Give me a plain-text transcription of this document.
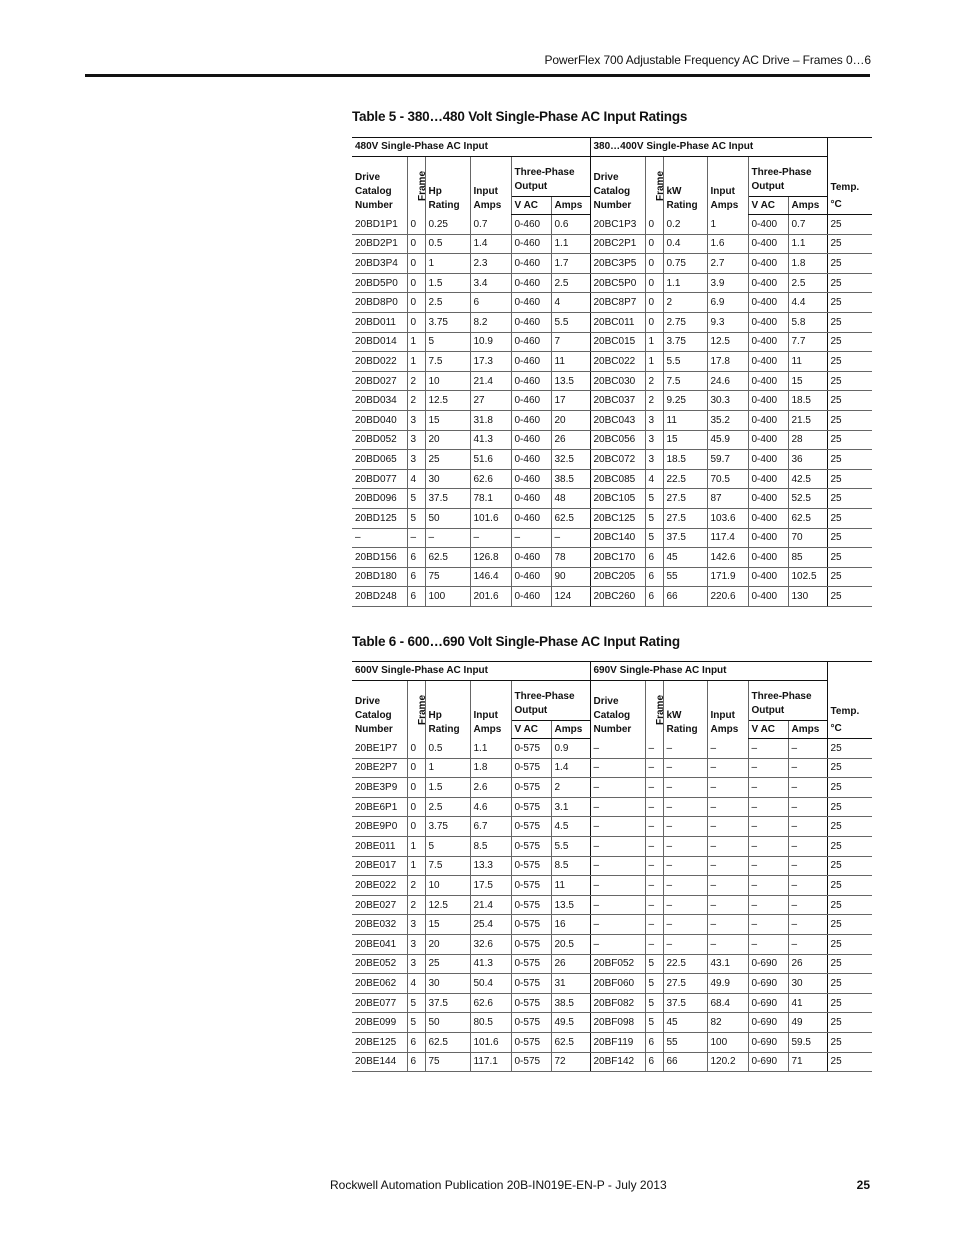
PowerFlex 700 Adjustable Frequency AC Drive – Frames 0…6
Table 5 - 380…480 Volt Single-Phase AC Input Ratings
480V Single-Phase AC Input						380…400V Single-Phase AC Input						
Drive Catalog Number	Frame	Hp Rating	Input Amps	Three-Phase Output		Drive Catalog Number	Frame	kW Rating	Input Amps	Three-Phase Output		Temp.
				V AC	Amps					V AC	Amps	°C
20BD1P1	0	0.25	0.7	0-460	0.6	20BC1P3	0	0.2	1	0-400	0.7	25
20BD2P1	0	0.5	1.4	0-460	1.1	20BC2P1	0	0.4	1.6	0-400	1.1	25
20BD3P4	0	1	2.3	0-460	1.7	20BC3P5	0	0.75	2.7	0-400	1.8	25
20BD5P0	0	1.5	3.4	0-460	2.5	20BC5P0	0	1.1	3.9	0-400	2.5	25
20BD8P0	0	2.5	6	0-460	4	20BC8P7	0	2	6.9	0-400	4.4	25
20BD011	0	3.75	8.2	0-460	5.5	20BC011	0	2.75	9.3	0-400	5.8	25
20BD014	1	5	10.9	0-460	7	20BC015	1	3.75	12.5	0-400	7.7	25
20BD022	1	7.5	17.3	0-460	11	20BC022	1	5.5	17.8	0-400	11	25
20BD027	2	10	21.4	0-460	13.5	20BC030	2	7.5	24.6	0-400	15	25
20BD034	2	12.5	27	0-460	17	20BC037	2	9.25	30.3	0-400	18.5	25
20BD040	3	15	31.8	0-460	20	20BC043	3	11	35.2	0-400	21.5	25
20BD052	3	20	41.3	0-460	26	20BC056	3	15	45.9	0-400	28	25
20BD065	3	25	51.6	0-460	32.5	20BC072	3	18.5	59.7	0-400	36	25
20BD077	4	30	62.6	0-460	38.5	20BC085	4	22.5	70.5	0-400	42.5	25
20BD096	5	37.5	78.1	0-460	48	20BC105	5	27.5	87	0-400	52.5	25
20BD125	5	50	101.6	0-460	62.5	20BC125	5	27.5	103.6	0-400	62.5	25
–	–	–	–	–	–	20BC140	5	37.5	117.4	0-400	70	25
20BD156	6	62.5	126.8	0-460	78	20BC170	6	45	142.6	0-400	85	25
20BD180	6	75	146.4	0-460	90	20BC205	6	55	171.9	0-400	102.5	25
20BD248	6	100	201.6	0-460	124	20BC260	6	66	220.6	0-400	130	25
Table 6 - 600…690 Volt Single-Phase AC Input Rating
600V Single-Phase AC Input						690V Single-Phase AC Input						
Drive Catalog Number	Frame	Hp Rating	Input Amps	Three-Phase Output		Drive Catalog Number	Frame	kW Rating	Input Amps	Three-Phase Output		Temp.
				V AC	Amps					V AC	Amps	°C
20BE1P7	0	0.5	1.1	0-575	0.9	–	–	–	–	–	–	25
20BE2P7	0	1	1.8	0-575	1.4	–	–	–	–	–	–	25
20BE3P9	0	1.5	2.6	0-575	2	–	–	–	–	–	–	25
20BE6P1	0	2.5	4.6	0-575	3.1	–	–	–	–	–	–	25
20BE9P0	0	3.75	6.7	0-575	4.5	–	–	–	–	–	–	25
20BE011	1	5	8.5	0-575	5.5	–	–	–	–	–	–	25
20BE017	1	7.5	13.3	0-575	8.5	–	–	–	–	–	–	25
20BE022	2	10	17.5	0-575	11	–	–	–	–	–	–	25
20BE027	2	12.5	21.4	0-575	13.5	–	–	–	–	–	–	25
20BE032	3	15	25.4	0-575	16	–	–	–	–	–	–	25
20BE041	3	20	32.6	0-575	20.5	–	–	–	–	–	–	25
20BE052	3	25	41.3	0-575	26	20BF052	5	22.5	43.1	0-690	26	25
20BE062	4	30	50.4	0-575	31	20BF060	5	27.5	49.9	0-690	30	25
20BE077	5	37.5	62.6	0-575	38.5	20BF082	5	37.5	68.4	0-690	41	25
20BE099	5	50	80.5	0-575	49.5	20BF098	5	45	82	0-690	49	25
20BE125	6	62.5	101.6	0-575	62.5	20BF119	6	55	100	0-690	59.5	25
20BE144	6	75	117.1	0-575	72	20BF142	6	66	120.2	0-690	71	25
Rockwell Automation Publication 20B-IN019E-EN-P - July 2013	25
